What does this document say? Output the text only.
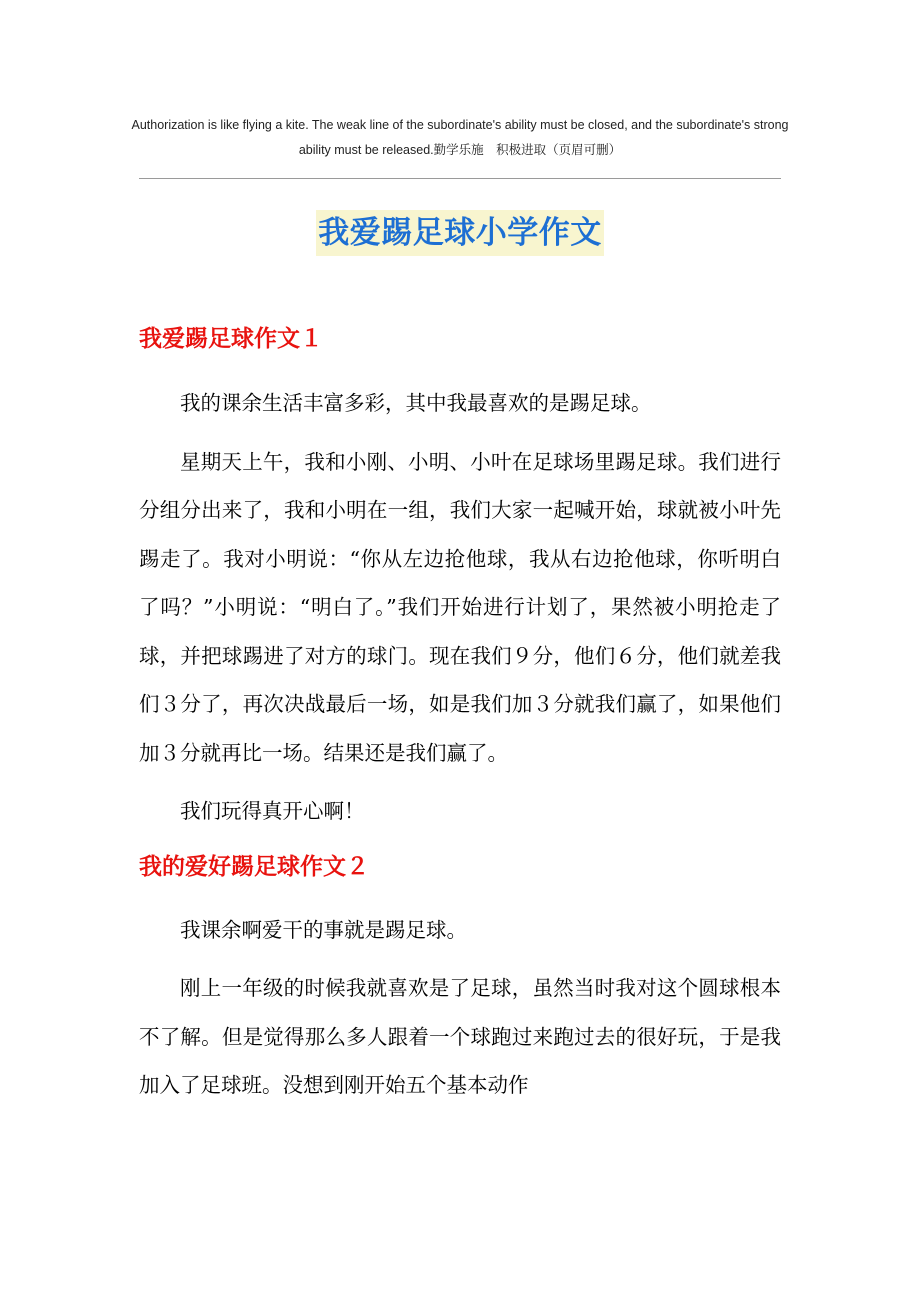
Authorization is like flying a kite. The weak line of the subordinate's ability must be closed, and the subordinate's strong ability must be released.勤学乐施　积极进取（页眉可删）
我爱踢足球小学作文
我爱踢足球作文１

我的课余生活丰富多彩，其中我最喜欢的是踢足球。

星期天上午，我和小刚、小明、小叶在足球场里踢足球。我们进行分组分出来了，我和小明在一组，我们大家一起喊开始，球就被小叶先踢走了。我对小明说：“你从左边抢他球，我从右边抢他球，你听明白了吗？”小明说：“明白了。”我们开始进行计划了，果然被小明抢走了球，并把球踢进了对方的球门。现在我们９分，他们６分，他们就差我们３分了，再次决战最后一场，如是我们加３分就我们赢了，如果他们加３分就再比一场。结果还是我们赢了。

我们玩得真开心啊！

我的爱好踢足球作文２

我课余啊爱干的事就是踢足球。

刚上一年级的时候我就喜欢是了足球，虽然当时我对这个圆球根本不了解。但是觉得那么多人跟着一个球跑过来跑过去的很好玩，于是我加入了足球班。没想到刚开始五个基本动作
